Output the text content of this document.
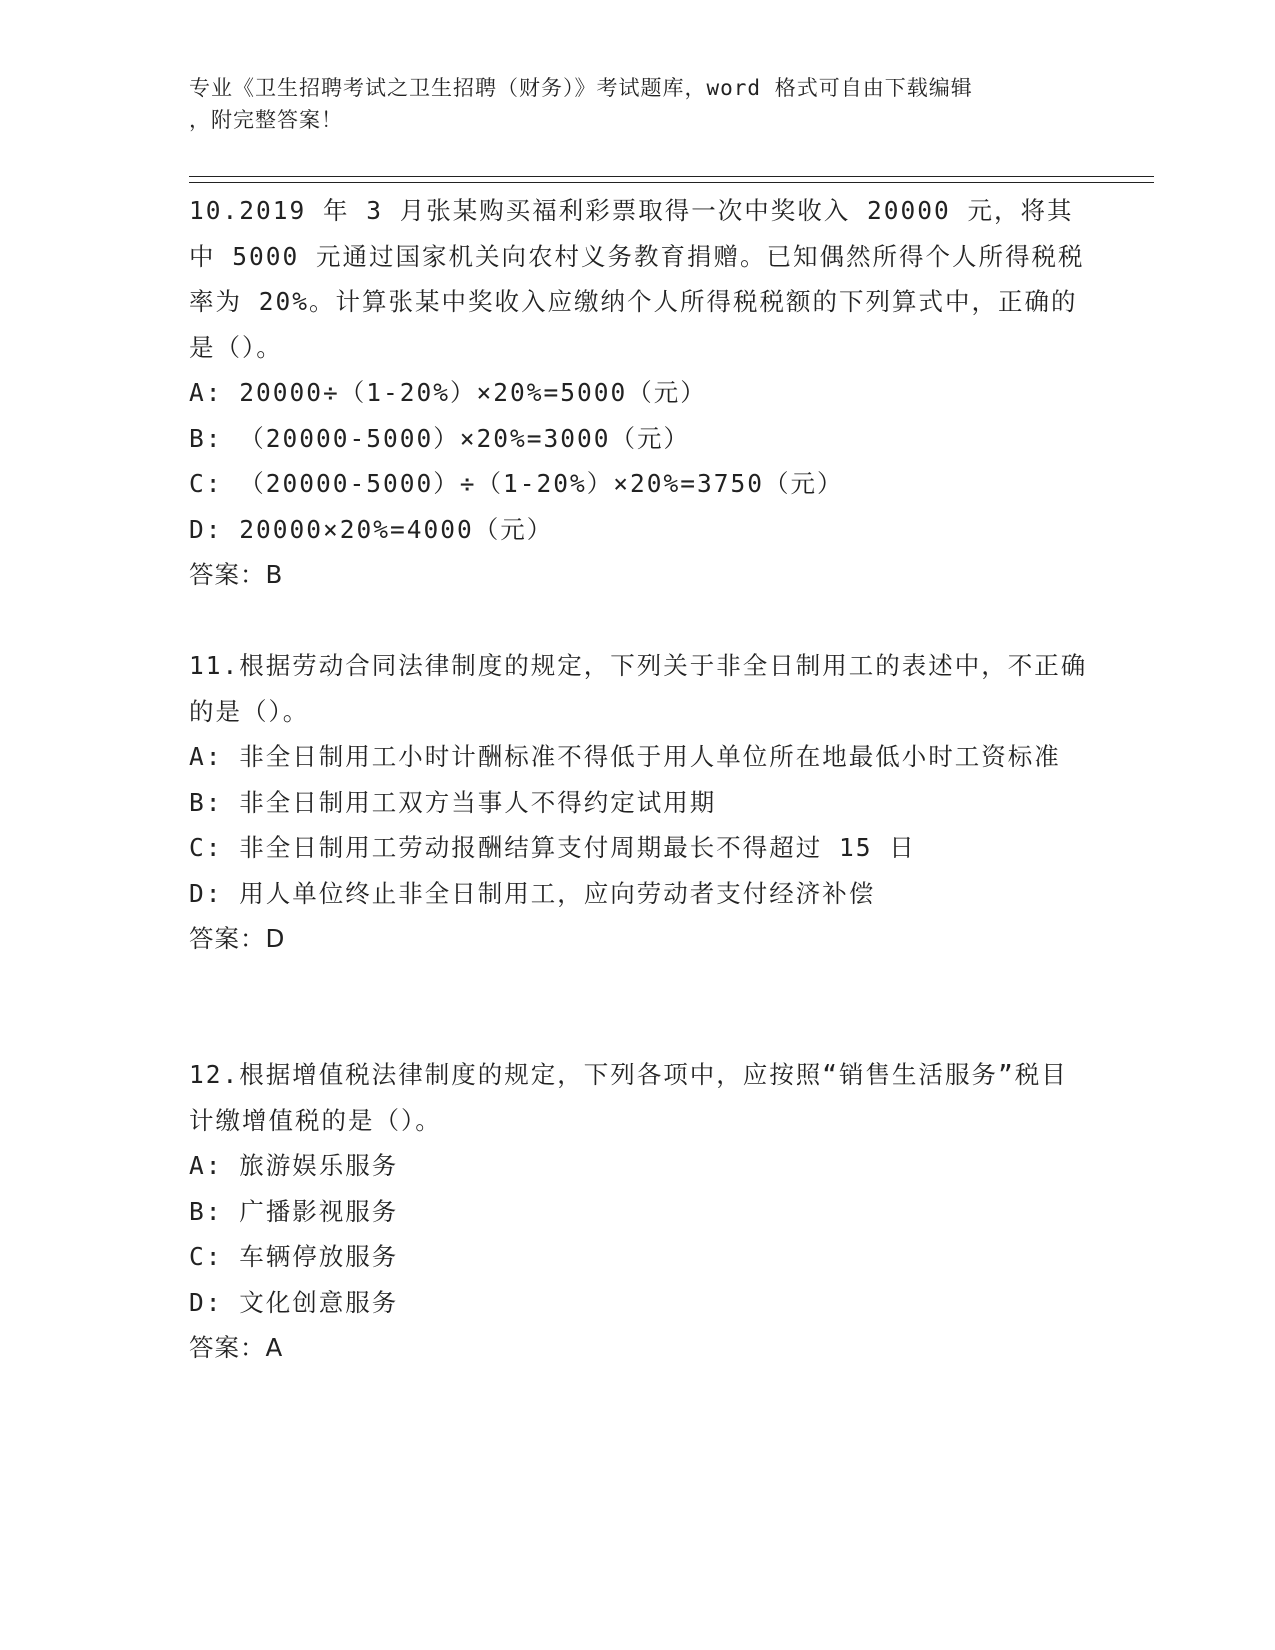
专业《卫生招聘考试之卫生招聘（财务）》考试题库，word 格式可自由下载编辑
，附完整答案！

10.2019 年 3 月张某购买福利彩票取得一次中奖收入 20000 元，将其中 5000 元通过国家机关向农村义务教育捐赠。已知偶然所得个人所得税税率为 20%。计算张某中奖收入应缴纳个人所得税税额的下列算式中，正确的是（）。

A: 20000÷（1-20%）×20%=5000（元）

B: （20000-5000）×20%=3000（元）

C: （20000-5000）÷（1-20%）×20%=3750（元）

D: 20000×20%=4000（元）

答案：B

11.根据劳动合同法律制度的规定，下列关于非全日制用工的表述中，不正确的是（）。

A: 非全日制用工小时计酬标准不得低于用人单位所在地最低小时工资标准

B: 非全日制用工双方当事人不得约定试用期

C: 非全日制用工劳动报酬结算支付周期最长不得超过 15 日

D: 用人单位终止非全日制用工，应向劳动者支付经济补偿

答案：D

12.根据增值税法律制度的规定，下列各项中，应按照“销售生活服务”税目计缴增值税的是（）。

A: 旅游娱乐服务

B: 广播影视服务

C: 车辆停放服务

D: 文化创意服务

答案：A
